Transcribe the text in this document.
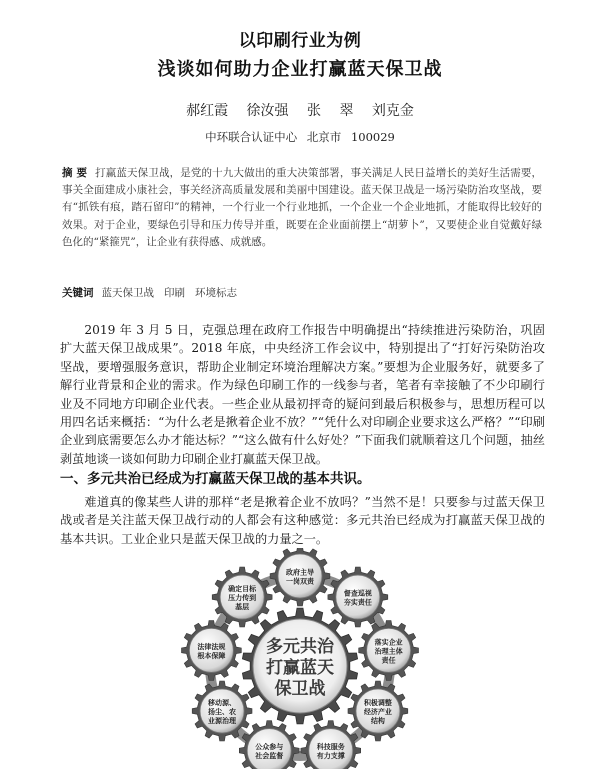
以印刷行业为例
浅谈如何助力企业打赢蓝天保卫战
郝红霞 徐汝强 张 翠 刘克金
中环联合认证中心 北京市 100029
摘 要 打赢蓝天保卫战，是党的十九大做出的重大决策部署，事关满足人民日益增长的美好生活需要，事关全面建成小康社会，事关经济高质量发展和美丽中国建设。蓝天保卫战是一场污染防治攻坚战，要有“抓铁有痕，踏石留印”的精神，一个行业一个行业地抓，一个企业一个企业地抓，才能取得比较好的效果。对于企业，要绿色引导和压力传导并重，既要在企业面前摆上“胡萝卜”，又要使企业自觉戴好绿色化的“紧箍咒”，让企业有获得感、成就感。
关键词 蓝天保卫战 印刷 环境标志
2019 年 3 月 5 日，克强总理在政府工作报告中明确提出“持续推进污染防治，巩固扩大蓝天保卫战成果”。2018 年底，中央经济工作会议中，特别提出了“打好污染防治攻坚战，要增强服务意识，帮助企业制定环境治理解决方案。”要想为企业服务好，就要多了解行业背景和企业的需求。作为绿色印刷工作的一线参与者，笔者有幸接触了不少印刷行业及不同地方印刷企业代表。一些企业从最初抨奇的疑问到最后积极参与，思想历程可以用四名话来概括：“为什么老是揪着企业不放？”“凭什么对印刷企业要求这么严格？”“印刷企业到底需要怎么办才能达标？”“这么做有什么好处？”下面我们就顺着这几个问题，抽丝剥茧地谈一谈如何助力印刷企业打赢蓝天保卫战。
一、多元共治已经成为打赢蓝天保卫战的基本共识。
难道真的像某些人讲的那样“老是揪着企业不放吗？”当然不是！只要参与过蓝天保卫战或者是关注蓝天保卫战行动的人都会有这种感觉：多元共治已经成为打赢蓝天保卫战的基本共识。工业企业只是蓝天保卫战的力量之一。
政府主导
一岗双责
督查巡视
夯实责任
落实企业
治理主体
责任
积极调整
经济产业
结构
科技服务
有力支撑
公众参与
社会监督
移动源、
扬尘、农
业源治理
法律法规
根本保障
确定目标
压力传到
基层
多元共治
打赢蓝天
保卫战
